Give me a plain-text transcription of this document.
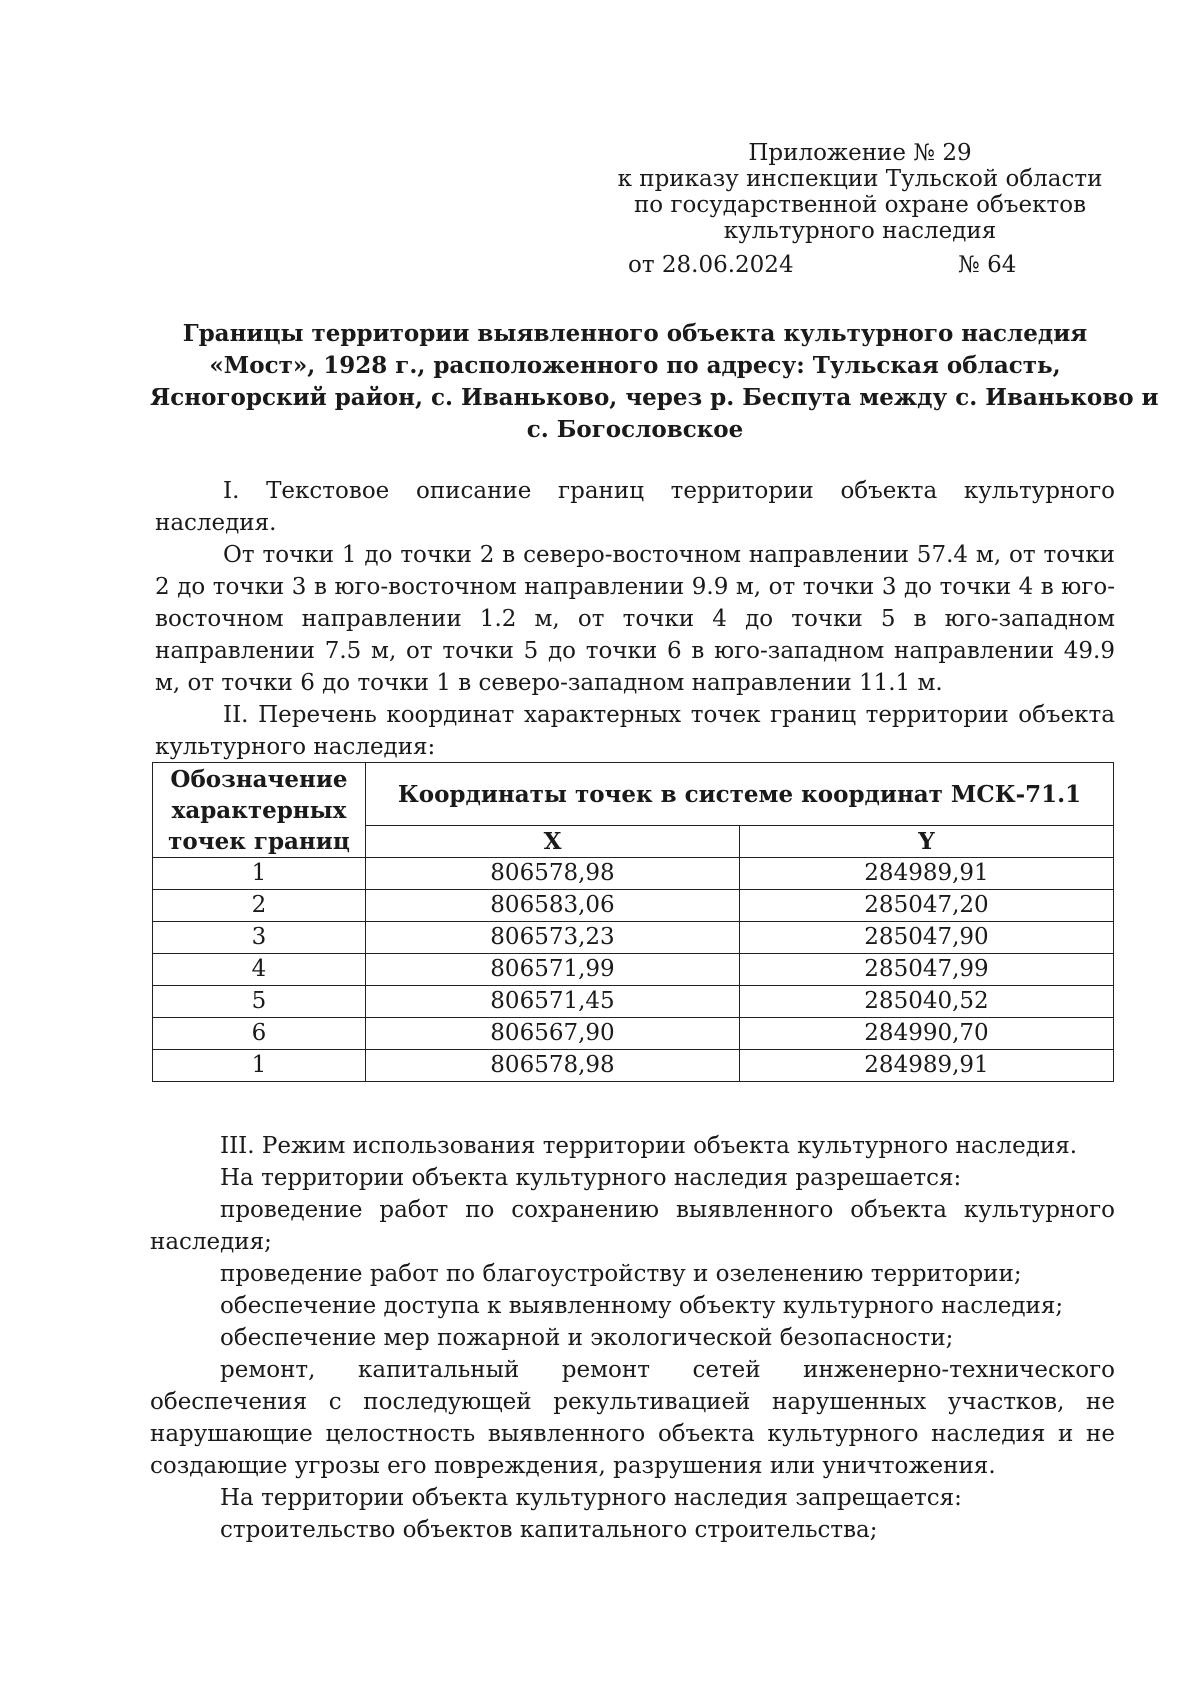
Приложение № 29
к приказу инспекции Тульской области
по государственной охране объектов
культурного наследия
от 28.06.2024	№ 64
Границы территории выявленного объекта культурного наследия
«Мост», 1928 г., расположенного по адресу: Тульская область,
Ясногорский район, с. Иваньково, через р. Беспута между с. Иваньково и
с. Богословское

I. Текстовое описание границ территории объекта культурного наследия.

От точки 1 до точки 2 в северо-восточном направлении 57.4 м, от точки 2 до точки 3 в юго-восточном направлении 9.9 м, от точки 3 до точки 4 в юго-восточном направлении 1.2 м, от точки 4 до точки 5 в юго-западном направлении 7.5 м, от точки 5 до точки 6 в юго-западном направлении 49.9 м, от точки 6 до точки 1 в северо-западном направлении 11.1 м.

II. Перечень координат характерных точек границ территории объекта культурного наследия:

Обозначение характерных точек границ	Координаты точек в системе координат МСК-71.1	
	X	Y
1	806578,98	284989,91
2	806583,06	285047,20
3	806573,23	285047,90
4	806571,99	285047,99
5	806571,45	285040,52
6	806567,90	284990,70
1	806578,98	284989,91

III. Режим использования территории объекта культурного наследия.

На территории объекта культурного наследия разрешается:

проведение работ по сохранению выявленного объекта культурного наследия;

проведение работ по благоустройству и озеленению территории;

обеспечение доступа к выявленному объекту культурного наследия;

обеспечение мер пожарной и экологической безопасности;

ремонт, капитальный ремонт сетей инженерно-технического обеспечения с последующей рекультивацией нарушенных участков, не нарушающие целостность выявленного объекта культурного наследия и не создающие угрозы его повреждения, разрушения или уничтожения.

На территории объекта культурного наследия запрещается:

строительство объектов капитального строительства;
